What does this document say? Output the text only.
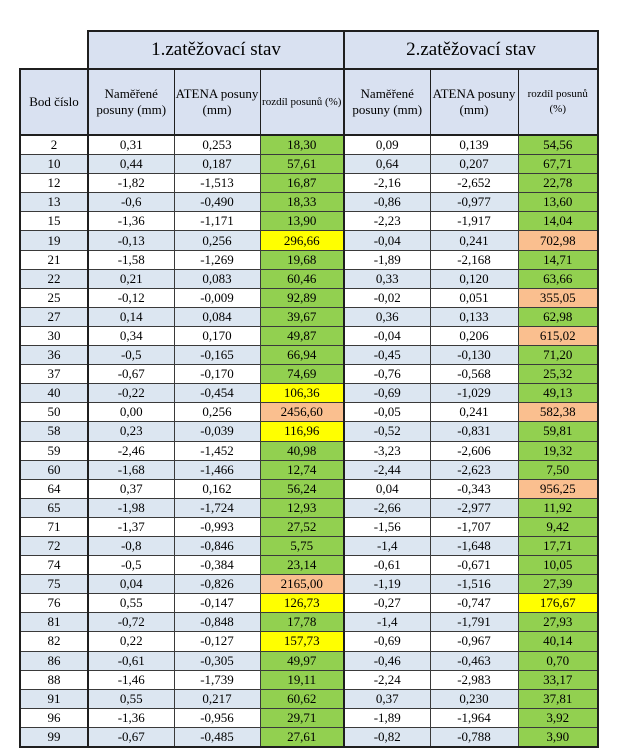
	1.zatěžovací stav			2.zatěžovací stav		
Bod číslo	Naměřené posuny (mm)	ATENA posuny (mm)	rozdíl posunů (%)	Naměřené posuny (mm)	ATENA posuny (mm)	rozdíl posunů (%)
2	0,31	0,253	18,30	0,09	0,139	54,56
10	0,44	0,187	57,61	0,64	0,207	67,71
12	-1,82	-1,513	16,87	-2,16	-2,652	22,78
13	-0,6	-0,490	18,33	-0,86	-0,977	13,60
15	-1,36	-1,171	13,90	-2,23	-1,917	14,04
19	-0,13	0,256	296,66	-0,04	0,241	702,98
21	-1,58	-1,269	19,68	-1,89	-2,168	14,71
22	0,21	0,083	60,46	0,33	0,120	63,66
25	-0,12	-0,009	92,89	-0,02	0,051	355,05
27	0,14	0,084	39,67	0,36	0,133	62,98
30	0,34	0,170	49,87	-0,04	0,206	615,02
36	-0,5	-0,165	66,94	-0,45	-0,130	71,20
37	-0,67	-0,170	74,69	-0,76	-0,568	25,32
40	-0,22	-0,454	106,36	-0,69	-1,029	49,13
50	0,00	0,256	2456,60	-0,05	0,241	582,38
58	0,23	-0,039	116,96	-0,52	-0,831	59,81
59	-2,46	-1,452	40,98	-3,23	-2,606	19,32
60	-1,68	-1,466	12,74	-2,44	-2,623	7,50
64	0,37	0,162	56,24	0,04	-0,343	956,25
65	-1,98	-1,724	12,93	-2,66	-2,977	11,92
71	-1,37	-0,993	27,52	-1,56	-1,707	9,42
72	-0,8	-0,846	5,75	-1,4	-1,648	17,71
74	-0,5	-0,384	23,14	-0,61	-0,671	10,05
75	0,04	-0,826	2165,00	-1,19	-1,516	27,39
76	0,55	-0,147	126,73	-0,27	-0,747	176,67
81	-0,72	-0,848	17,78	-1,4	-1,791	27,93
82	0,22	-0,127	157,73	-0,69	-0,967	40,14
86	-0,61	-0,305	49,97	-0,46	-0,463	0,70
88	-1,46	-1,739	19,11	-2,24	-2,983	33,17
91	0,55	0,217	60,62	0,37	0,230	37,81
96	-1,36	-0,956	29,71	-1,89	-1,964	3,92
99	-0,67	-0,485	27,61	-0,82	-0,788	3,90
